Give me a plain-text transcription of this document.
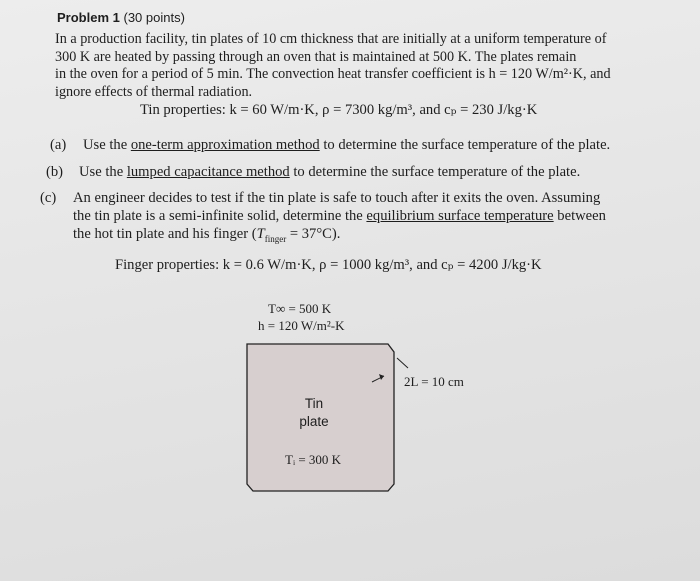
Problem 1 (30 points)
In a production facility, tin plates of 10 cm thickness that are initially at a uniform temperature of
300 K are heated by passing through an oven that is maintained at 500 K. The plates remain
in the oven for a period of 5 min. The convection heat transfer coefficient is h = 120 W/m²·K, and
ignore effects of thermal radiation.
Tin properties: k = 60 W/m·K, ρ = 7300 kg/m³, and cₚ = 230 J/kg·K
(a) Use the one-term approximation method to determine the surface temperature of the plate.
(b) Use the lumped capacitance method to determine the surface temperature of the plate.
(c) An engineer decides to test if the tin plate is safe to touch after it exits the oven. Assuming
the tin plate is a semi-infinite solid, determine the equilibrium surface temperature between
the hot tin plate and his finger $(T_{finger} = 37^\circ C)$.
Finger properties: k = 0.6 W/m·K, ρ = 1000 kg/m³, and cₚ = 4200 J/kg·K
T∞ = 500 K
h = 120 W/m²-K
2L = 10 cm
Tin
plate
Tᵢ = 300 K
